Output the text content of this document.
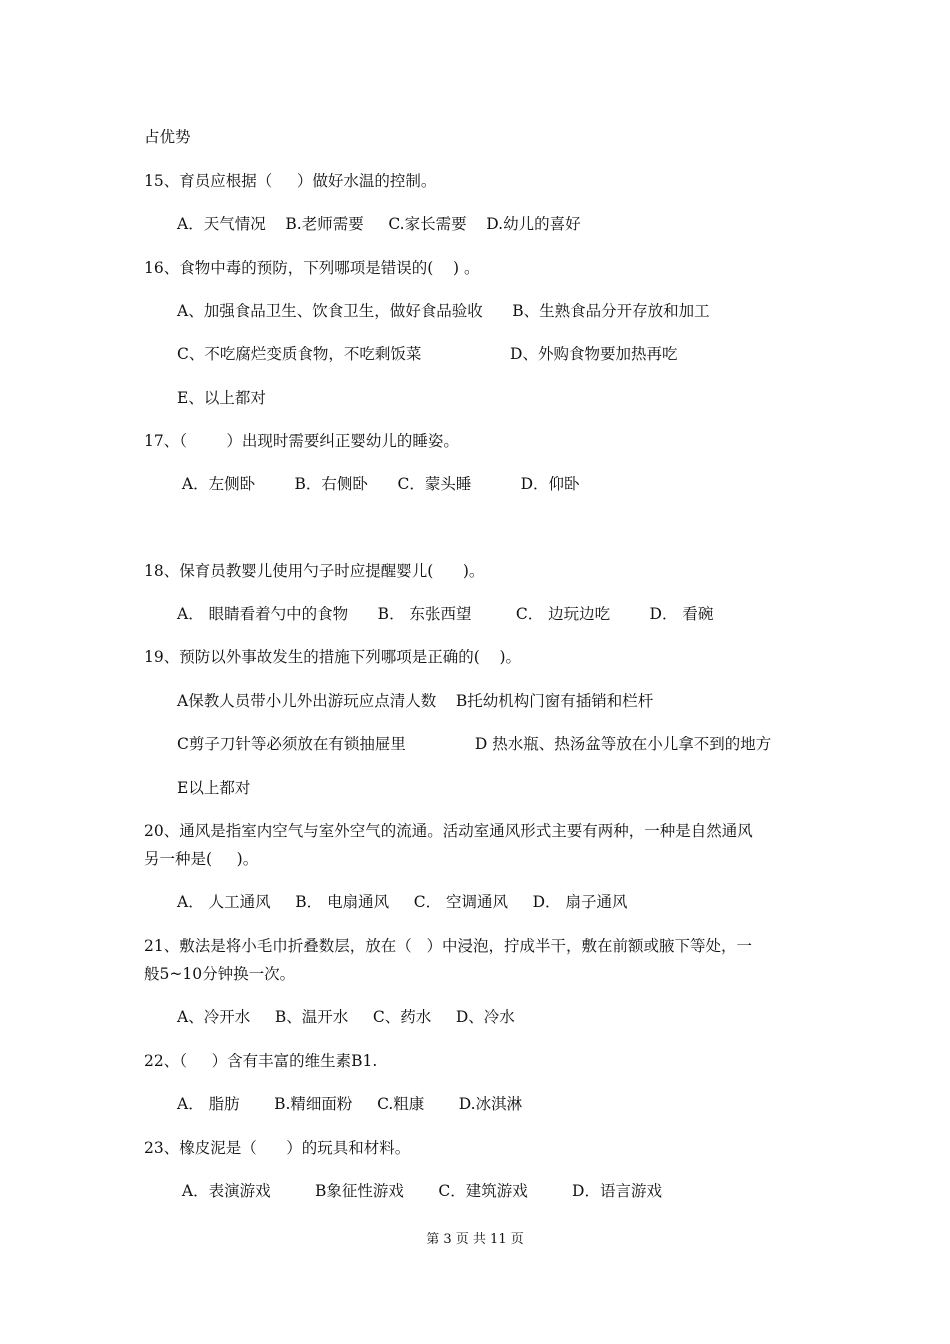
占优势
15、育员应根据（     ）做好水温的控制。
A．天气情况    B.老师需要     C.家长需要    D.幼儿的喜好
16、食物中毒的预防，下列哪项是错误的(    ) 。
A、加强食品卫生、饮食卫生，做好食品验收      B、生熟食品分开存放和加工
C、不吃腐烂变质食物，不吃剩饭菜                  D、外购食物要加热再吃
E、以上都对
17、（        ）出现时需要纠正婴幼儿的睡姿。
A．左侧卧        B．右侧卧      C．蒙头睡          D．仰卧
18、保育员教婴儿使用勺子时应提醒婴儿(      )。
A． 眼睛看着勺中的食物      B． 东张西望         C． 边玩边吃        D． 看碗
19、预防以外事故发生的措施下列哪项是正确的(    )。
A保教人员带小儿外出游玩应点清人数    B托幼机构门窗有插销和栏杆
C剪子刀针等必须放在有锁抽屉里              D 热水瓶、热汤盆等放在小儿拿不到的地方
E以上都对
20、通风是指室内空气与室外空气的流通。活动室通风形式主要有两种，一种是自然通风
另一种是(     )。
A． 人工通风     B． 电扇通风     C． 空调通风     D． 扇子通风
21、敷法是将小毛巾折叠数层，放在（   ）中浸泡，拧成半干，敷在前额或腋下等处，一
般5~10分钟换一次。
A、冷开水     B、温开水     C、药水     D、冷水
22、（     ）含有丰富的维生素B1.
A． 脂肪       B.精细面粉     C.粗康       D.冰淇淋
23、橡皮泥是（      ）的玩具和材料。
A．表演游戏         B象征性游戏       C．建筑游戏         D．语言游戏
第 3 页 共 11 页
